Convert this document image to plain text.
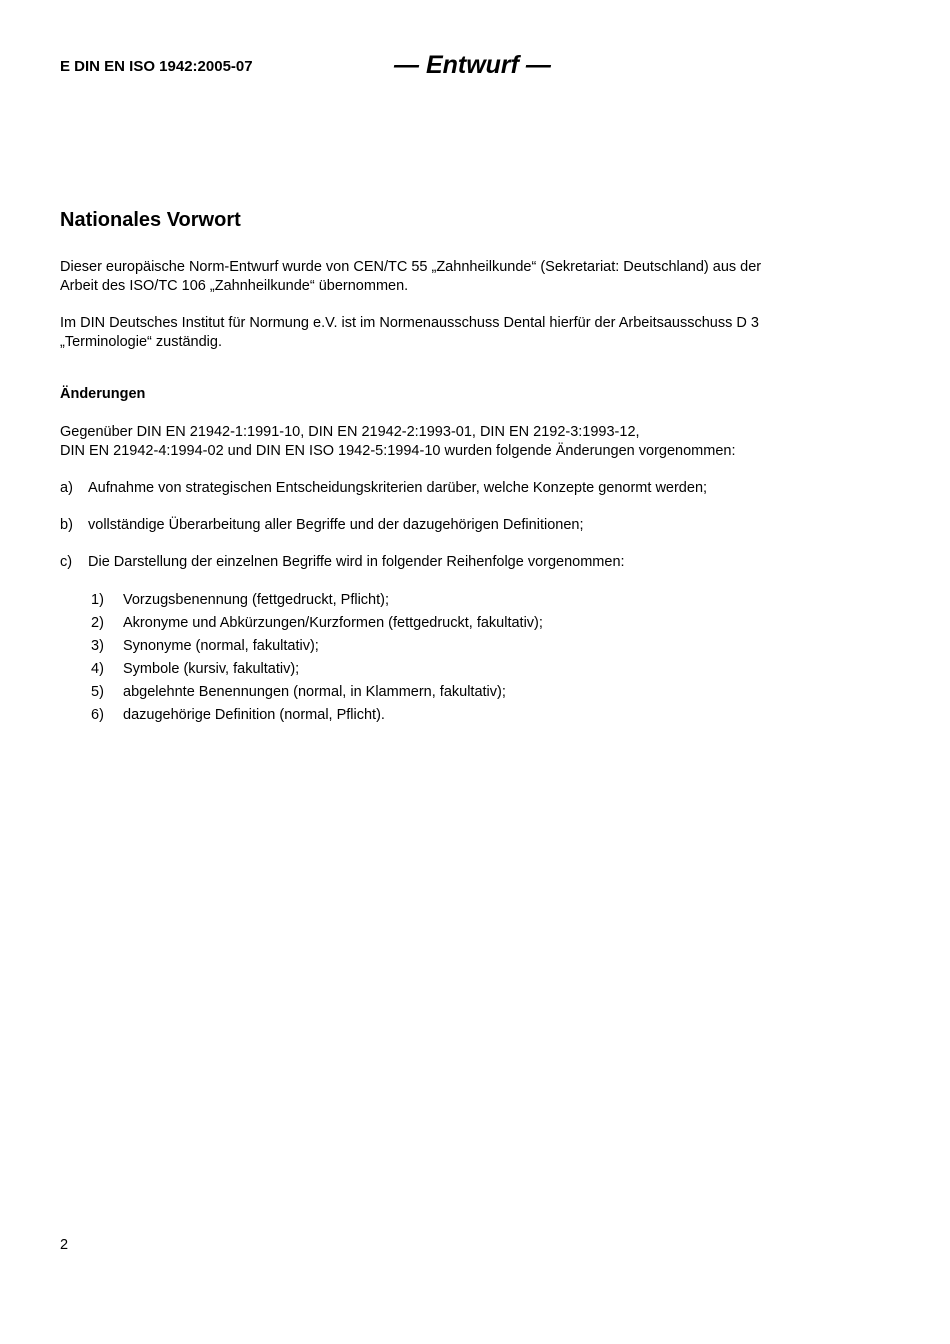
E DIN EN ISO 1942:2005-07	— Entwurf —
Nationales Vorwort

Dieser europäische Norm-Entwurf wurde von CEN/TC 55 „Zahnheilkunde“ (Sekretariat: Deutschland) aus der
Arbeit des ISO/TC 106 „Zahnheilkunde“ übernommen.

Im DIN Deutsches Institut für Normung e.V. ist im Normenausschuss Dental hierfür der Arbeitsausschuss D 3
„Terminologie“ zuständig.

Änderungen

Gegenüber DIN EN 21942-1:1991-10, DIN EN 21942-2:1993-01, DIN EN 2192-3:1993-12,
DIN EN 21942-4:1994-02 und DIN EN ISO 1942-5:1994-10 wurden folgende Änderungen vorgenommen:

a) Aufnahme von strategischen Entscheidungskriterien darüber, welche Konzepte genormt werden;
b) vollständige Überarbeitung aller Begriffe und der dazugehörigen Definitionen;
c) Die Darstellung der einzelnen Begriffe wird in folgender Reihenfolge vorgenommen:
1) Vorzugsbenennung (fettgedruckt, Pflicht);
2) Akronyme und Abkürzungen/Kurzformen (fettgedruckt, fakultativ);
3) Synonyme (normal, fakultativ);
4) Symbole (kursiv, fakultativ);
5) abgelehnte Benennungen (normal, in Klammern, fakultativ);
6) dazugehörige Definition (normal, Pflicht).
2
